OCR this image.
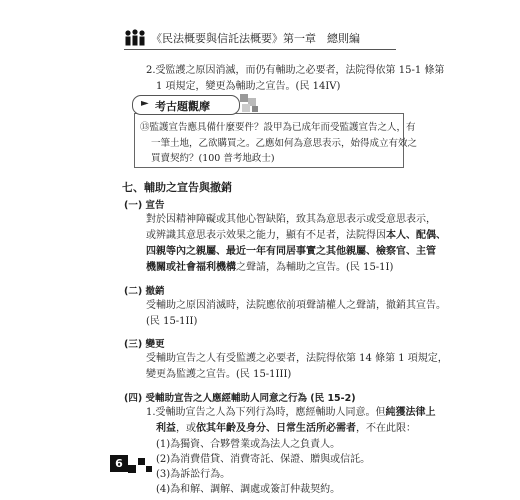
《民法概要與信託法概要》第一章　總則編
2.受監護之原因消滅，而仍有輔助之必要者，法院得依第 15-1 條第
1 項規定，變更為輔助之宣告。(民 14IV)
► 考古題觀摩
⑬監護宣告應具備什麼要件？設甲為已成年而受監護宣告之人，有
一筆土地，乙欲購買之。乙應如何為意思表示，始得成立有效之
買賣契約？(100 普考地政士)
七、輔助之宣告與撤銷
(一) 宣告
對於因精神障礙或其他心智缺陷，致其為意思表示或受意思表示，
或辨識其意思表示效果之能力，顯有不足者，法院得因本人、配偶、
四親等內之親屬、最近一年有同居事實之其他親屬、檢察官、主管
機關或社會福利機構之聲請，為輔助之宣告。(民 15-1I)
(二) 撤銷
受輔助之原因消滅時，法院應依前項聲請權人之聲請，撤銷其宣告。
(民 15-1II)
(三) 變更
受輔助宣告之人有受監護之必要者，法院得依第 14 條第 1 項規定，
變更為監護之宣告。(民 15-1III)
(四) 受輔助宣告之人應經輔助人同意之行為 (民 15-2)
1.受輔助宣告之人為下列行為時，應經輔助人同意。但純獲法律上
利益，或依其年齡及身分、日常生活所必需者，不在此限：
(1)為獨資、合夥營業或為法人之負責人。
(2)為消費借貸、消費寄託、保證、贈與或信託。
(3)為訴訟行為。
(4)為和解、調解、調處或簽訂仲裁契約。
6
